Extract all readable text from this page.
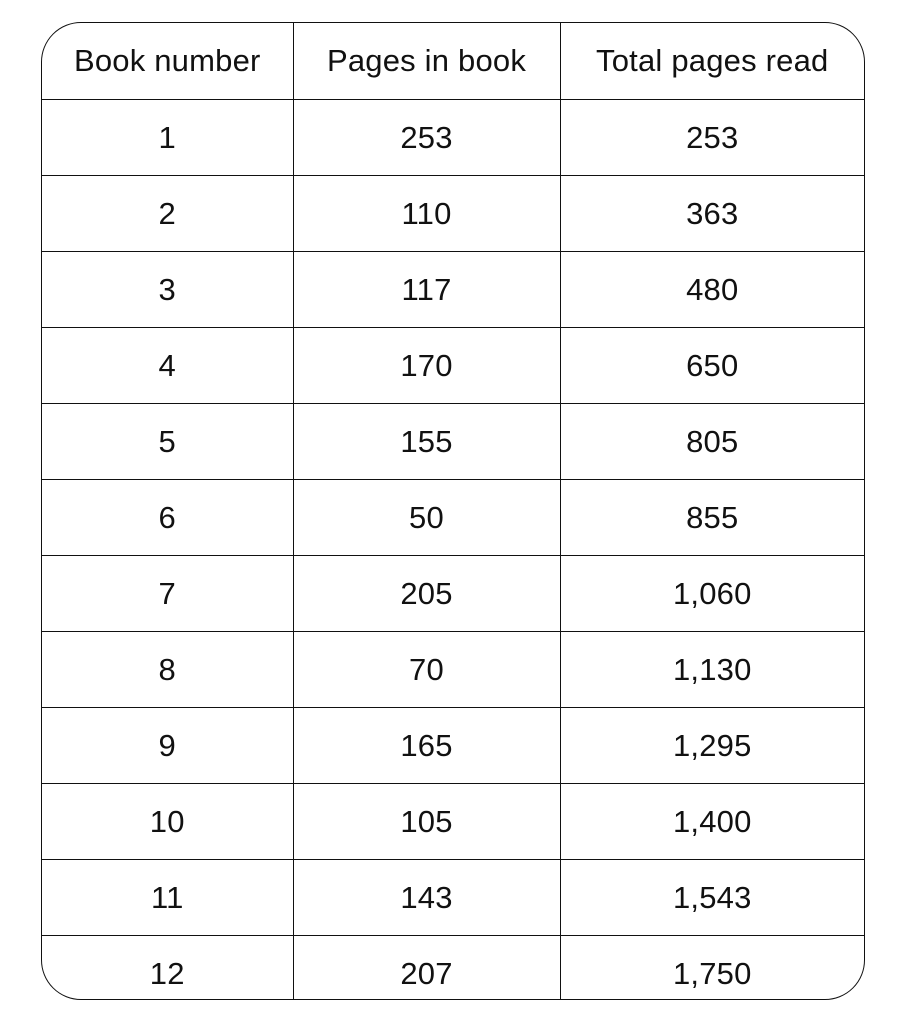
Book number	Pages in book	Total pages read
1	253	253
2	110	363
3	117	480
4	170	650
5	155	805
6	50	855
7	205	1,060
8	70	1,130
9	165	1,295
10	105	1,400
11	143	1,543
12	207	1,750
